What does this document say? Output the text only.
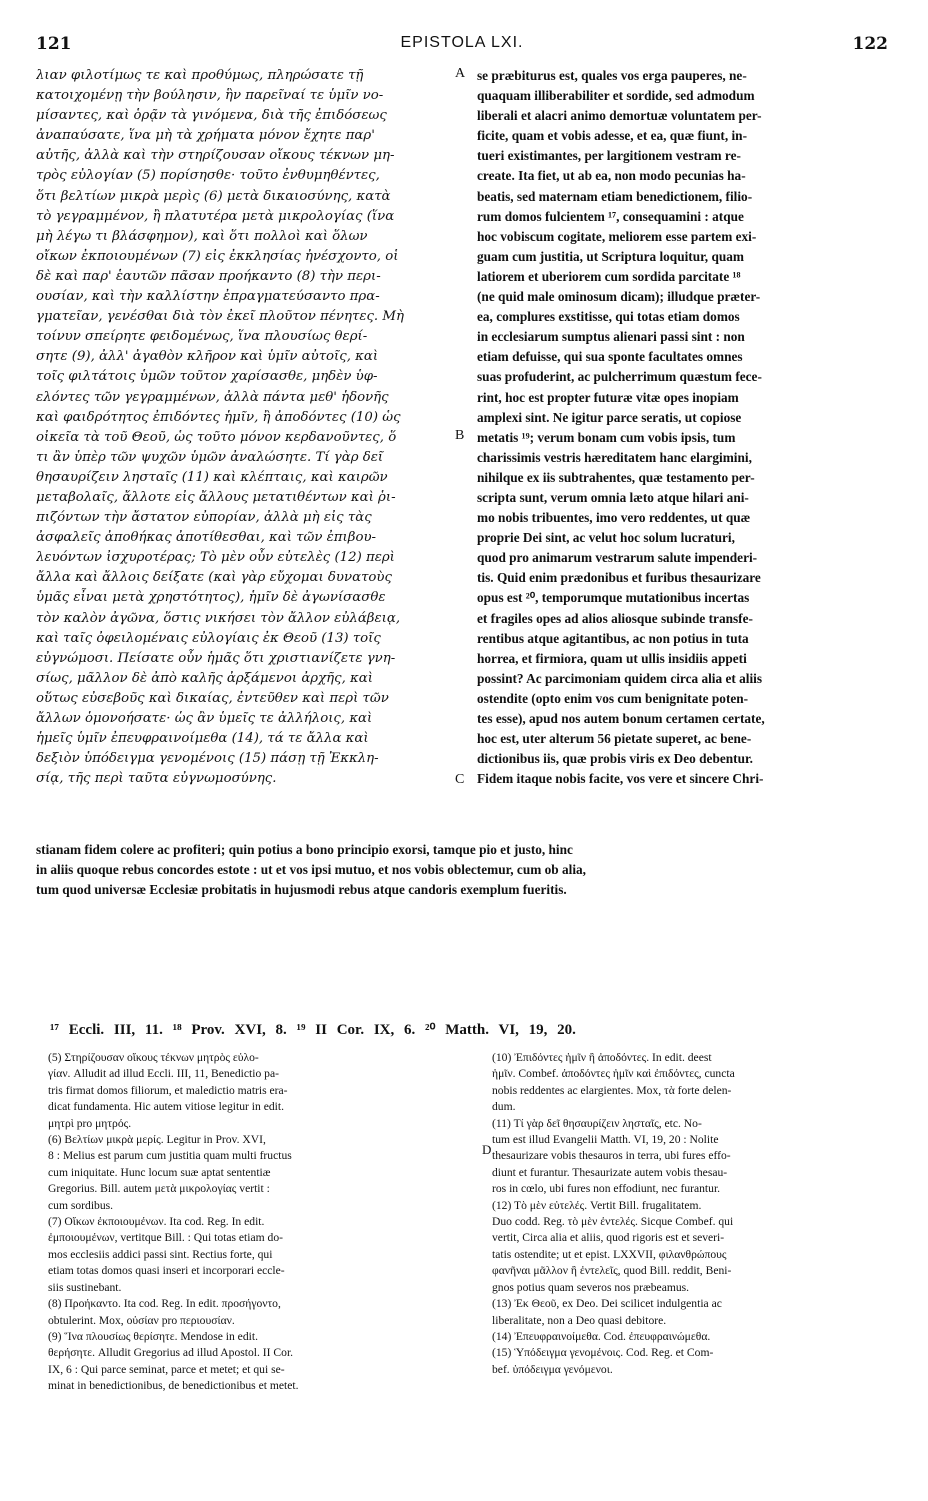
121	EPISTOLA LXI.	122
λιαν φιλοτίμως τε καὶ προθύμως, πληρώσατε τῇ
κατοιχομένῃ τὴν βούλησιν, ἣν παρεῖναί τε ὑμῖν νο-
μίσαντες, καὶ ὁρᾷν τὰ γινόμενα, διὰ τῆς ἐπιδόσεως
ἀναπαύσατε, ἵνα μὴ τὰ χρήματα μόνον ἔχητε παρ'
αὐτῆς, ἀλλὰ καὶ τὴν στηρίζουσαν οἴκους τέκνων μη-
τρὸς εὐλογίαν (5) πορίσησθε· τοῦτο ἐνθυμηθέντες,
ὅτι βελτίων μικρὰ μερὶς (6) μετὰ δικαιοσύνης, κατὰ
τὸ γεγραμμένον, ἢ πλατυτέρα μετὰ μικρολογίας (ἵνα
μὴ λέγω τι βλάσφημον), καὶ ὅτι πολλοὶ καὶ ὅλων
οἴκων ἐκποιουμένων (7) εἰς ἐκκλησίας ἠνέσχοντο, οἱ
δὲ καὶ παρ' ἑαυτῶν πᾶσαν προήκαντο (8) τὴν περι-
ουσίαν, καὶ τὴν καλλίστην ἐπραγματεύσαντο πρα-
γματεῖαν, γενέσθαι διὰ τὸν ἐκεῖ πλοῦτον πένητες. Μὴ
τοίνυν σπείρητε φειδομένως, ἵνα πλουσίως θερί-
σητε (9), ἀλλ' ἀγαθὸν κλῆρον καὶ ὑμῖν αὐτοῖς, καὶ
τοῖς φιλτάτοις ὑμῶν τοῦτον χαρίσασθε, μηδὲν ὑφ-
ελόντες τῶν γεγραμμένων, ἀλλὰ πάντα μεθ' ἡδονῆς
καὶ φαιδρότητος ἐπιδόντες ἡμῖν, ἢ ἀποδόντες (10) ὡς
οἰκεῖα τὰ τοῦ Θεοῦ, ὡς τοῦτο μόνον κερδανοῦντες, ὅ
τι ἂν ὑπὲρ τῶν ψυχῶν ὑμῶν ἀναλώσητε. Τί γὰρ δεῖ
θησαυρίζειν λησταῖς (11) καὶ κλέπταις, καὶ καιρῶν
μεταβολαῖς, ἄλλοτε εἰς ἄλλους μετατιθέντων καὶ ῥι-
πιζόντων τὴν ἄστατον εὐπορίαν, ἀλλὰ μὴ εἰς τὰς
ἀσφαλεῖς ἀποθήκας ἀποτίθεσθαι, καὶ τῶν ἐπιβου-
λευόντων ἰσχυροτέρας; Τὸ μὲν οὖν εὐτελὲς (12) περὶ
ἄλλα καὶ ἄλλοις δείξατε (καὶ γὰρ εὔχομαι δυνατοὺς
ὑμᾶς εἶναι μετὰ χρηστότητος), ἡμῖν δὲ ἀγωνίσασθε
τὸν καλὸν ἀγῶνα, ὅστις νικήσει τὸν ἄλλον εὐλάβειᾳ,
καὶ ταῖς ὀφειλομέναις εὐλογίαις ἐκ Θεοῦ (13) τοῖς
εὐγνώμοσι. Πείσατε οὖν ἡμᾶς ὅτι χριστιανίζετε γνη-
σίως, μᾶλλον δὲ ἀπὸ καλῆς ἀρξάμενοι ἀρχῆς, καὶ
οὕτως εὐσεβοῦς καὶ δικαίας, ἐντεῦθεν καὶ περὶ τῶν
ἄλλων ὁμονοήσατε· ὡς ἂν ὑμεῖς τε ἀλλήλοις, καὶ
ἡμεῖς ὑμῖν ἐπευφραινοίμεθα (14), τά τε ἄλλα καὶ
δεξιὸν ὑπόδειγμα γενομένοις (15) πάσῃ τῇ Ἐκκλη-
σίᾳ, τῆς περὶ ταῦτα εὐγνωμοσύνης.
se præbiturus est, quales vos erga pauperes, ne-
quaquam illiberabiliter et sordide, sed admodum
liberali et alacri animo demortuæ voluntatem per-
ficite, quam et vobis adesse, et ea, quæ fiunt, in-
tueri existimantes, per largitionem vestram re-
create. Ita fiet, ut ab ea, non modo pecunias ha-
beatis, sed maternam etiam benedictionem, filio-
rum domos fulcientem ¹⁷, consequamini : atque
hoc vobiscum cogitate, meliorem esse partem exi-
guam cum justitia, ut Scriptura loquitur, quam
latiorem et uberiorem cum sordida parcitate ¹⁸
(ne quid male ominosum dicam); illudque præter-
ea, complures exstitisse, qui totas etiam domos
in ecclesiarum sumptus alienari passi sint : non
etiam defuisse, qui sua sponte facultates omnes
suas profuderint, ac pulcherrimum quæstum fece-
rint, hoc est propter futuræ vitæ opes inopiam
amplexi sint. Ne igitur parce seratis, ut copiose
metatis ¹⁹; verum bonam cum vobis ipsis, tum
charissimis vestris hæreditatem hanc elargimini,
nihilque ex iis subtrahentes, quæ testamento per-
scripta sunt, verum omnia læto atque hilari ani-
mo nobis tribuentes, imo vero reddentes, ut quæ
proprie Dei sint, ac velut hoc solum lucraturi,
quod pro animarum vestrarum salute impenderi-
tis. Quid enim prædonibus et furibus thesaurizare
opus est ²⁰, temporumque mutationibus incertas
et fragiles opes ad alios aliosque subinde transfe-
rentibus atque agitantibus, ac non potius in tuta
horrea, et firmiora, quam ut ullis insidiis appeti
possint? Ac parcimoniam quidem circa alia et aliis
ostendite (opto enim vos cum benignitate poten-
tes esse), apud nos autem bonum certamen certate,
hoc est, uter alterum 56 pietate superet, ac bene-
dictionibus iis, quæ probis viris ex Deo debentur.
Fidem itaque nobis facite, vos vere et sincere Chri-
A
B
C
stianam fidem colere ac profiteri; quin potius a bono principio exorsi, tamque pio et justo, hinc
in aliis quoque rebus concordes estote : ut et vos ipsi mutuo, et nos vobis oblectemur, cum ob alia,
tum quod universæ Ecclesiæ probitatis in hujusmodi rebus atque candoris exemplum fueritis.
¹⁷ Eccli. III, 11. ¹⁸ Prov. XVI, 8. ¹⁹ II Cor. IX, 6. ²⁰ Matth. VI, 19, 20.
(5) Στηρίζουσαν οἴκους τέκνων μητρὸς εὐλο-
γίαν. Alludit ad illud Eccli. III, 11, Benedictio pa-
tris firmat domos filiorum, et maledictio matris era-
dicat fundamenta. Hic autem vitiose legitur in edit.
μητρὶ pro μητρός.
(6) Βελτίων μικρὰ μερίς. Legitur in Prov. XVI,
8 : Melius est parum cum justitia quam multi fructus
cum iniquitate. Hunc locum suæ aptat sententiæ
Gregorius. Bill. autem μετὰ μικρολογίας vertit :
cum sordibus.
(7) Οἴκων ἐκποιουμένων. Ita cod. Reg. In edit.
ἐμποιουμένων, vertitque Bill. : Qui totas etiam do-
mos ecclesiis addici passi sint. Rectius forte, qui
etiam totas domos quasi inseri et incorporari eccle-
siis sustinebant.
(8) Προήκαντο. Ita cod. Reg. In edit. προσήγοντο,
obtulerint. Mox, οὐσίαν pro περιουσίαν.
(9) Ἵνα πλουσίως θερίσητε. Mendose in edit.
θερήσητε. Alludit Gregorius ad illud Apostol. II Cor.
IX, 6 : Qui parce seminat, parce et metet; et qui se-
minat in benedictionibus, de benedictionibus et metet.
D
(10) Ἐπιδόντες ἡμῖν ἢ ἀποδόντες. In edit. deest
ἡμῖν. Combef. ἀποδόντες ἡμῖν καὶ ἐπιδόντες, cuncta
nobis reddentes ac elargientes. Mox, τὰ forte delen-
dum.
(11) Τί γὰρ δεῖ θησαυρίζειν λησταῖς, etc. No-
tum est illud Evangelii Matth. VI, 19, 20 : Nolite
thesaurizare vobis thesauros in terra, ubi fures effo-
diunt et furantur. Thesaurizate autem vobis thesau-
ros in cœlo, ubi fures non effodiunt, nec furantur.
(12) Τὸ μὲν εὐτελές. Vertit Bill. frugalitatem.
Duo codd. Reg. τὸ μὲν ἐντελές. Sicque Combef. qui
vertit, Circa alia et aliis, quod rigoris est et severi-
tatis ostendite; ut et epist. LXXVII, φιλανθρώπους
φανῆναι μᾶλλον ἢ ἐντελεῖς, quod Bill. reddit, Beni-
gnos potius quam severos nos præbeamus.
(13) Ἐκ Θεοῦ, ex Deo. Dei scilicet indulgentia ac
liberalitate, non a Deo quasi debitore.
(14) Ἐπευφραινοίμεθα. Cod. ἐπευφραινώμεθα.
(15) Ὑπόδειγμα γενομένοις. Cod. Reg. et Com-
bef. ὑπόδειγμα γενόμενοι.
